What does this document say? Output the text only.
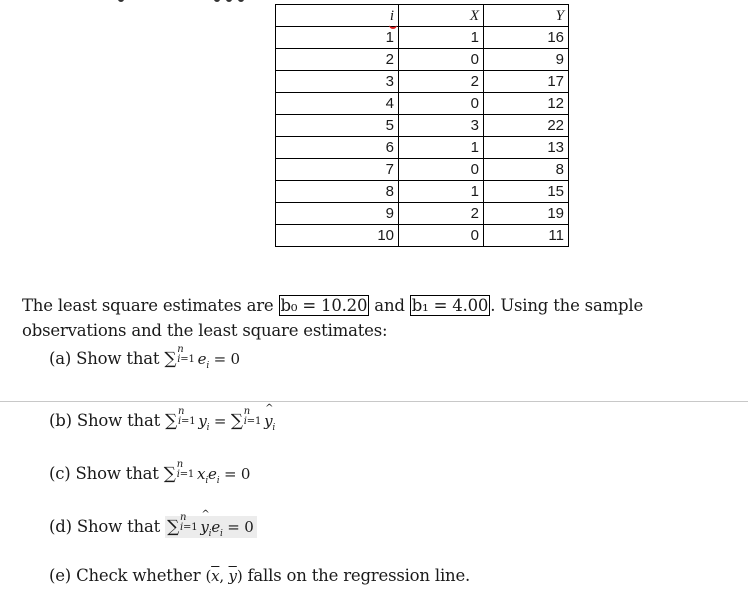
i	X	Y
1	1	16
2	0	9
3	2	17
4	0	12
5	3	22
6	1	13
7	0	8
8	1	15
9	2	19
10	0	11
The least square estimates are b₀ = 10.20 and b₁ = 4.00 . Using the sample observations and the least square estimates:
(a) Show that ∑ n
i=1 $e_i = 0$
(b) Show that ∑ n
i=1 $y_i$ = ∑ n
i=1 ^ $y_i$
(c) Show that ∑ n
i=1 $x_ie_i = 0$
(d) Show that ∑ n
i=1 ^ $y_ie_i = 0$
(e) Check whether ($\overline{x}$, $\overline{y}$) falls on the regression line.
